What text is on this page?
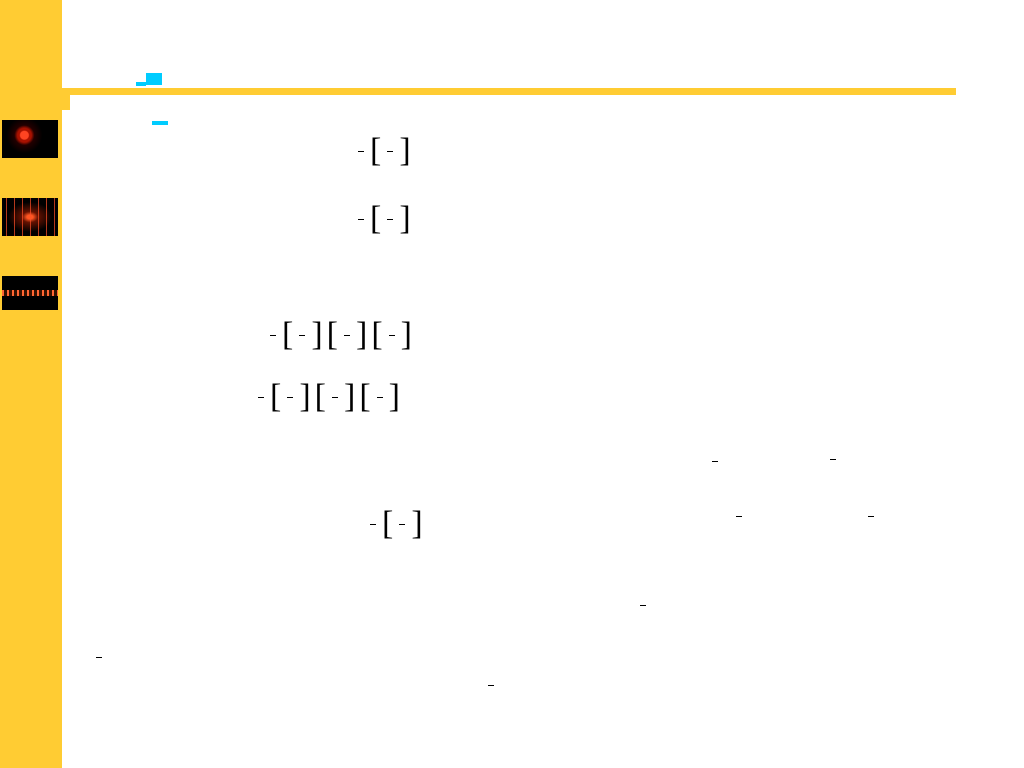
[ ]
[ ]
[ ] [ ] [ ]
[ ] [ ] [ ]
[ ]
